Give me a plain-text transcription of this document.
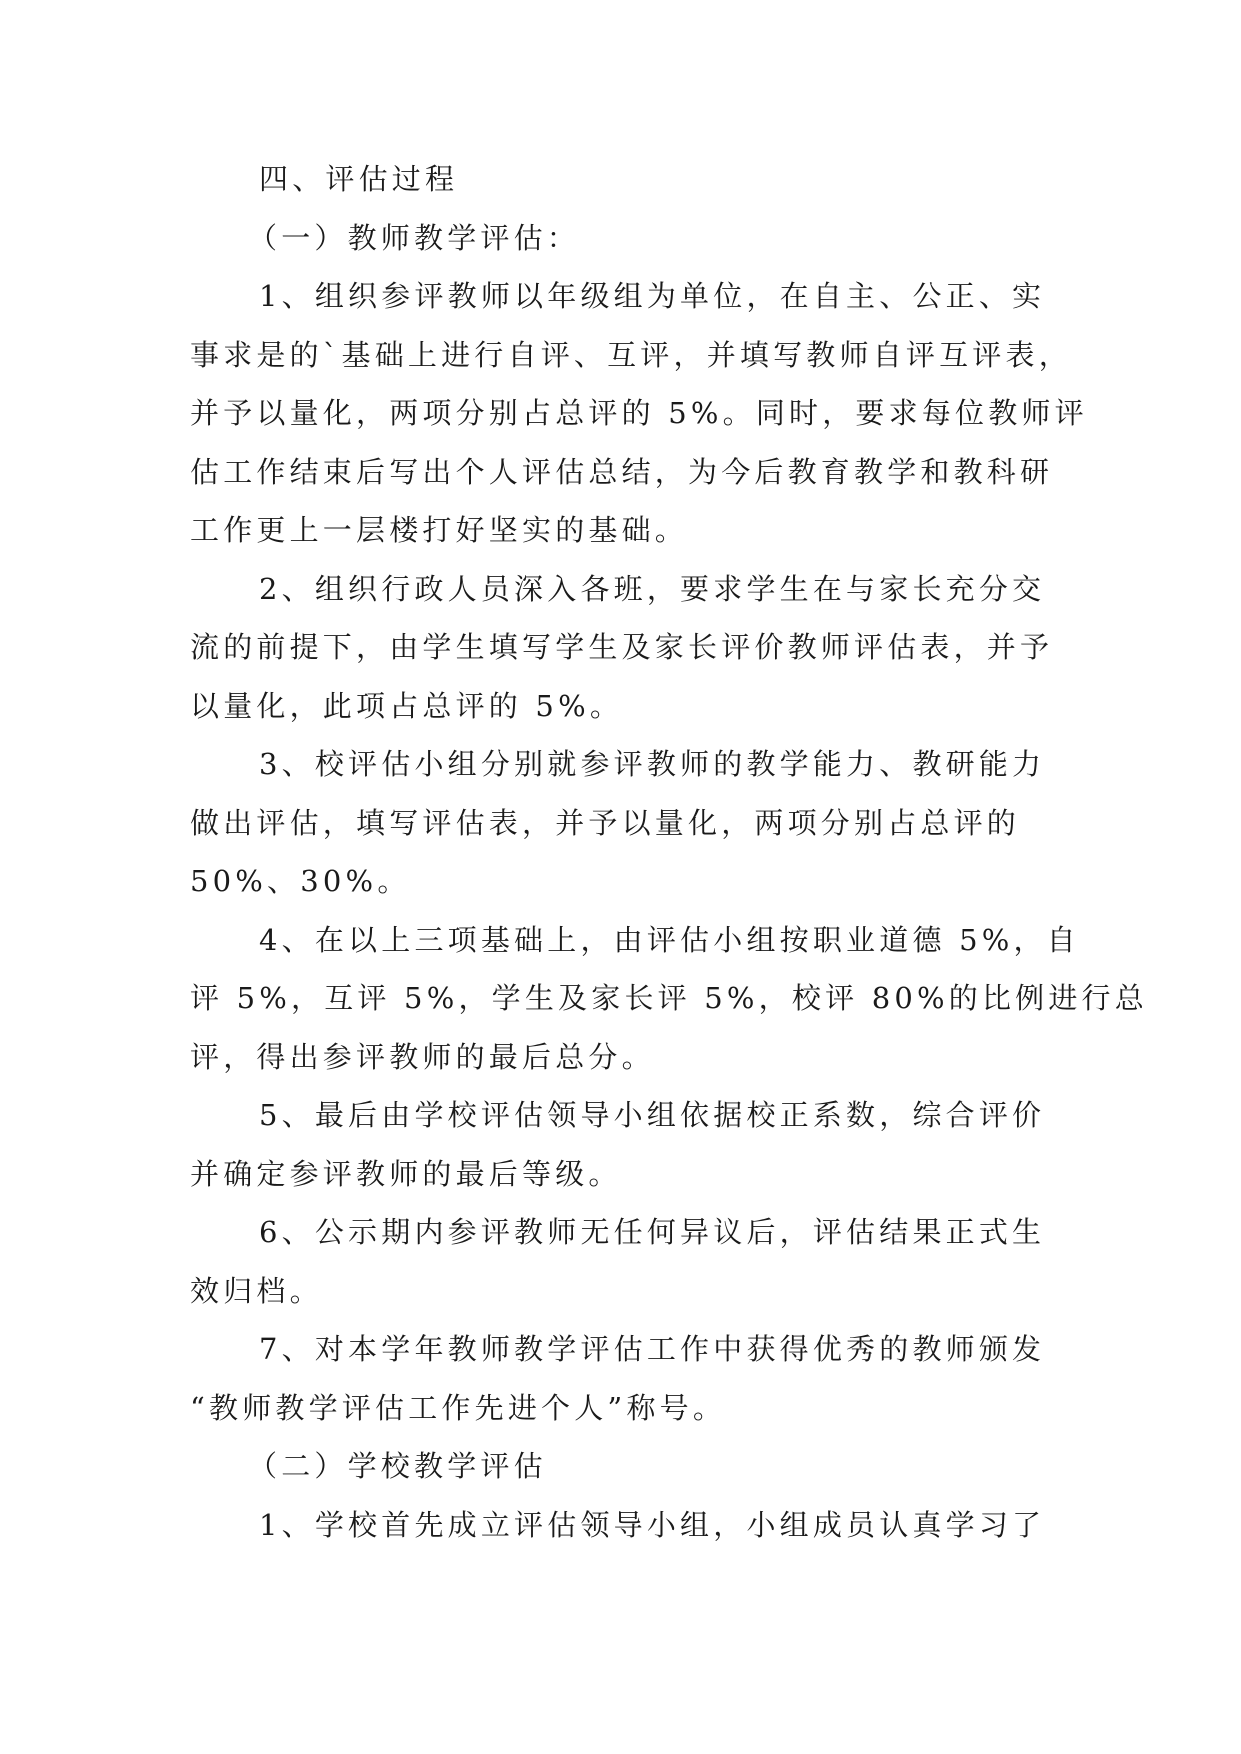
四、评估过程

（一）教师教学评估：

1、组织参评教师以年级组为单位，在自主、公正、实

事求是的`基础上进行自评、互评，并填写教师自评互评表，

并予以量化，两项分别占总评的 5%。同时，要求每位教师评

估工作结束后写出个人评估总结，为今后教育教学和教科研

工作更上一层楼打好坚实的基础。

2、组织行政人员深入各班，要求学生在与家长充分交

流的前提下，由学生填写学生及家长评价教师评估表，并予

以量化，此项占总评的 5%。

3、校评估小组分别就参评教师的教学能力、教研能力

做出评估，填写评估表，并予以量化，两项分别占总评的

50%、30%。

4、在以上三项基础上，由评估小组按职业道德 5%，自

评 5%，互评 5%，学生及家长评 5%，校评 80%的比例进行总

评，得出参评教师的最后总分。

5、最后由学校评估领导小组依据校正系数，综合评价

并确定参评教师的最后等级。

6、公示期内参评教师无任何异议后，评估结果正式生

效归档。

7、对本学年教师教学评估工作中获得优秀的教师颁发

“教师教学评估工作先进个人”称号。

（二）学校教学评估

1、学校首先成立评估领导小组，小组成员认真学习了
